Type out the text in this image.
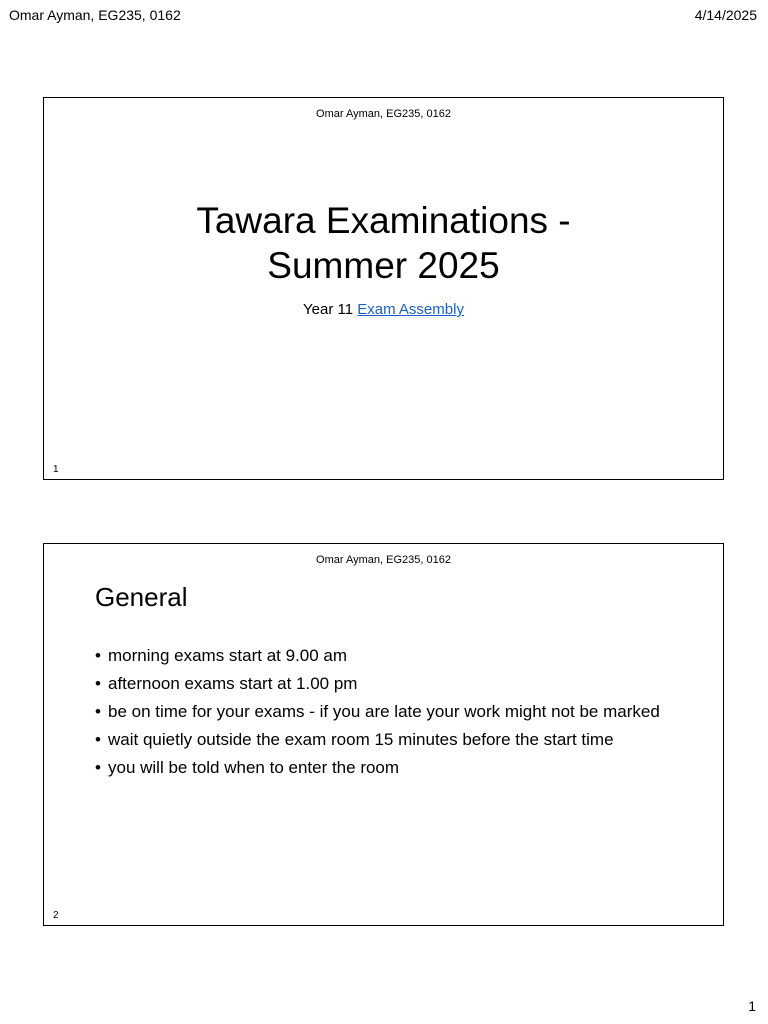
Omar Ayman, EG235, 0162	4/14/2025
Omar Ayman, EG235, 0162
Tawara Examinations -
Summer 2025
Year 11 Exam Assembly
1
Omar Ayman, EG235, 0162
General
• morning exams start at 9.00 am
• afternoon exams start at 1.00 pm
• be on time for your exams - if you are late your work might not be marked
• wait quietly outside the exam room 15 minutes before the start time
• you will be told when to enter the room
2
1
